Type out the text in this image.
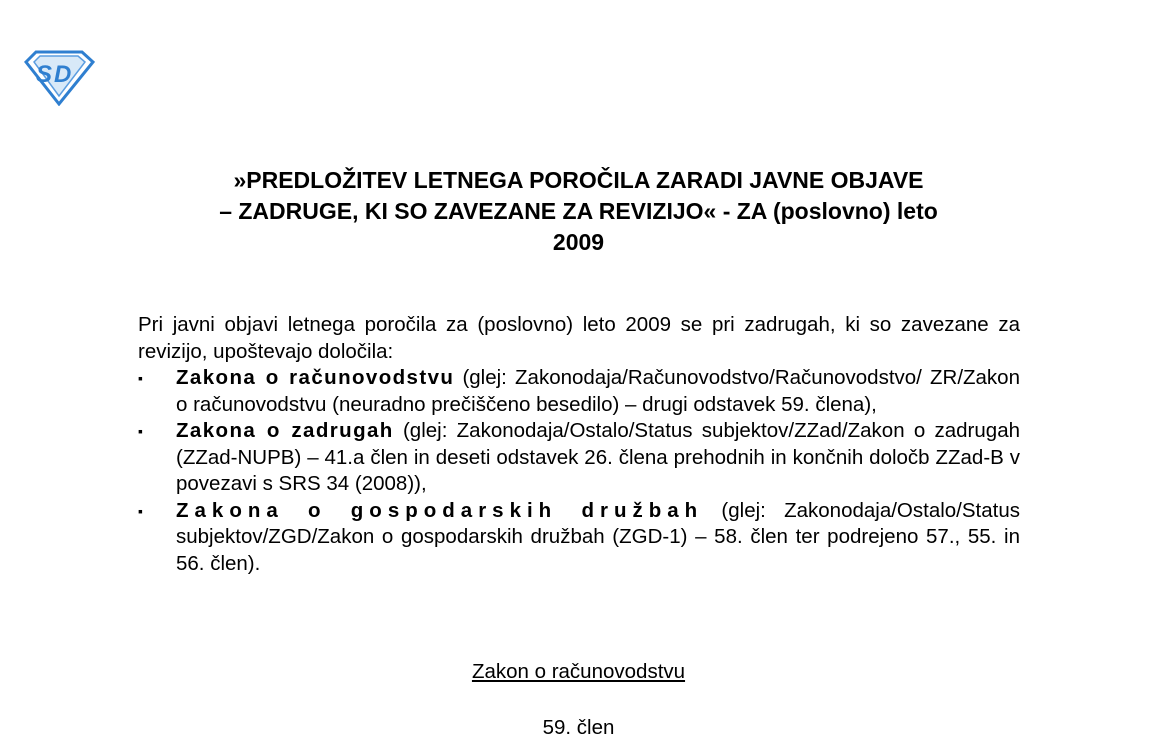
S D
»PREDLOŽITEV LETNEGA POROČILA ZARADI JAVNE OBJAVE
– ZADRUGE, KI SO ZAVEZANE ZA REVIZIJO« - ZA (poslovno) leto
2009

Pri javni objavi letnega poročila za (poslovno) leto 2009 se pri zadrugah, ki so zavezane za revizijo, upoštevajo določila:

▪	Zakona o računovodstvu (glej: Zakonodaja/Računovodstvo/Računovodstvo/ ZR/Zakon o računovodstvu (neuradno prečiščeno besedilo) – drugi odstavek 59. člena),
▪	Zakona o zadrugah (glej: Zakonodaja/Ostalo/Status subjektov/ZZad/Zakon o zadrugah (ZZad-NUPB) – 41.a člen in deseti odstavek 26. člena prehodnih in končnih določb ZZad-B v povezavi s SRS 34 (2008)),
▪	Zakona o gospodarskih družbah (glej: Zakonodaja/Ostalo/Status subjektov/ZGD/Zakon o gospodarskih družbah (ZGD-1) – 58. člen ter podrejeno 57., 55. in 56. člen).
Zakon o računovodstvu
59. člen
